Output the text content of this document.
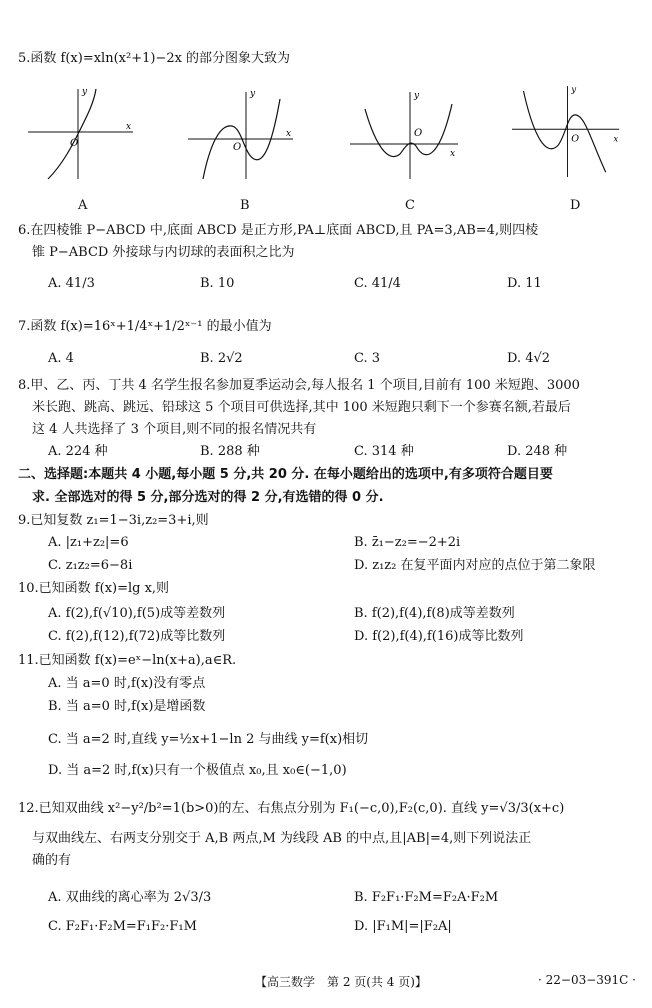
5.函数 f(x)=xln(x²+1)−2x 的部分图象大致为
O
x
y
O
x
y
O
x
y
O	x
y
A	B	C	D
6.在四棱锥 P−ABCD 中,底面 ABCD 是正方形,PA⊥底面 ABCD,且 PA=3,AB=4,则四棱
锥 P−ABCD 外接球与内切球的表面积之比为
A. 41/3	B. 10	C. 41/4	D. 11
7.函数 f(x)=16ˣ+1/4ˣ+1/2ˣ⁻¹ 的最小值为
A. 4	B. 2√2	C. 3	D. 4√2
8.甲、乙、丙、丁共 4 名学生报名参加夏季运动会,每人报名 1 个项目,目前有 100 米短跑、3000
米长跑、跳高、跳远、铅球这 5 个项目可供选择,其中 100 米短跑只剩下一个参赛名额,若最后
这 4 人共选择了 3 个项目,则不同的报名情况共有
A. 224 种	B. 288 种	C. 314 种	D. 248 种
二、选择题:本题共 4 小题,每小题 5 分,共 20 分. 在每小题给出的选项中,有多项符合题目要
求. 全部选对的得 5 分,部分选对的得 2 分,有选错的得 0 分.
9.已知复数 z₁=1−3i,z₂=3+i,则
A. |z₁+z₂|=6	B. z̄₁−z₂=−2+2i
C. z₁z₂=6−8i	D. z₁z₂ 在复平面内对应的点位于第二象限
10.已知函数 f(x)=lg x,则
A. f(2),f(√10),f(5)成等差数列	B. f(2),f(4),f(8)成等差数列
C. f(2),f(12),f(72)成等比数列	D. f(2),f(4),f(16)成等比数列
11.已知函数 f(x)=eˣ−ln(x+a),a∈R.
A. 当 a=0 时,f(x)没有零点
B. 当 a=0 时,f(x)是增函数
C. 当 a=2 时,直线 y=½x+1−ln 2 与曲线 y=f(x)相切
D. 当 a=2 时,f(x)只有一个极值点 x₀,且 x₀∈(−1,0)
12.已知双曲线 x²−y²/b²=1(b>0)的左、右焦点分别为 F₁(−c,0),F₂(c,0). 直线 y=√3/3(x+c)
与双曲线左、右两支分别交于 A,B 两点,M 为线段 AB 的中点,且|AB|=4,则下列说法正
确的有
A. 双曲线的离心率为 2√3/3	B. F₂F₁·F₂M=F₂A·F₂M
C. F₂F₁·F₂M=F₁F₂·F₁M	D. |F₁M|=|F₂A|
【高三数学　第 2 页(共 4 页)】	· 22−03−391C ·
